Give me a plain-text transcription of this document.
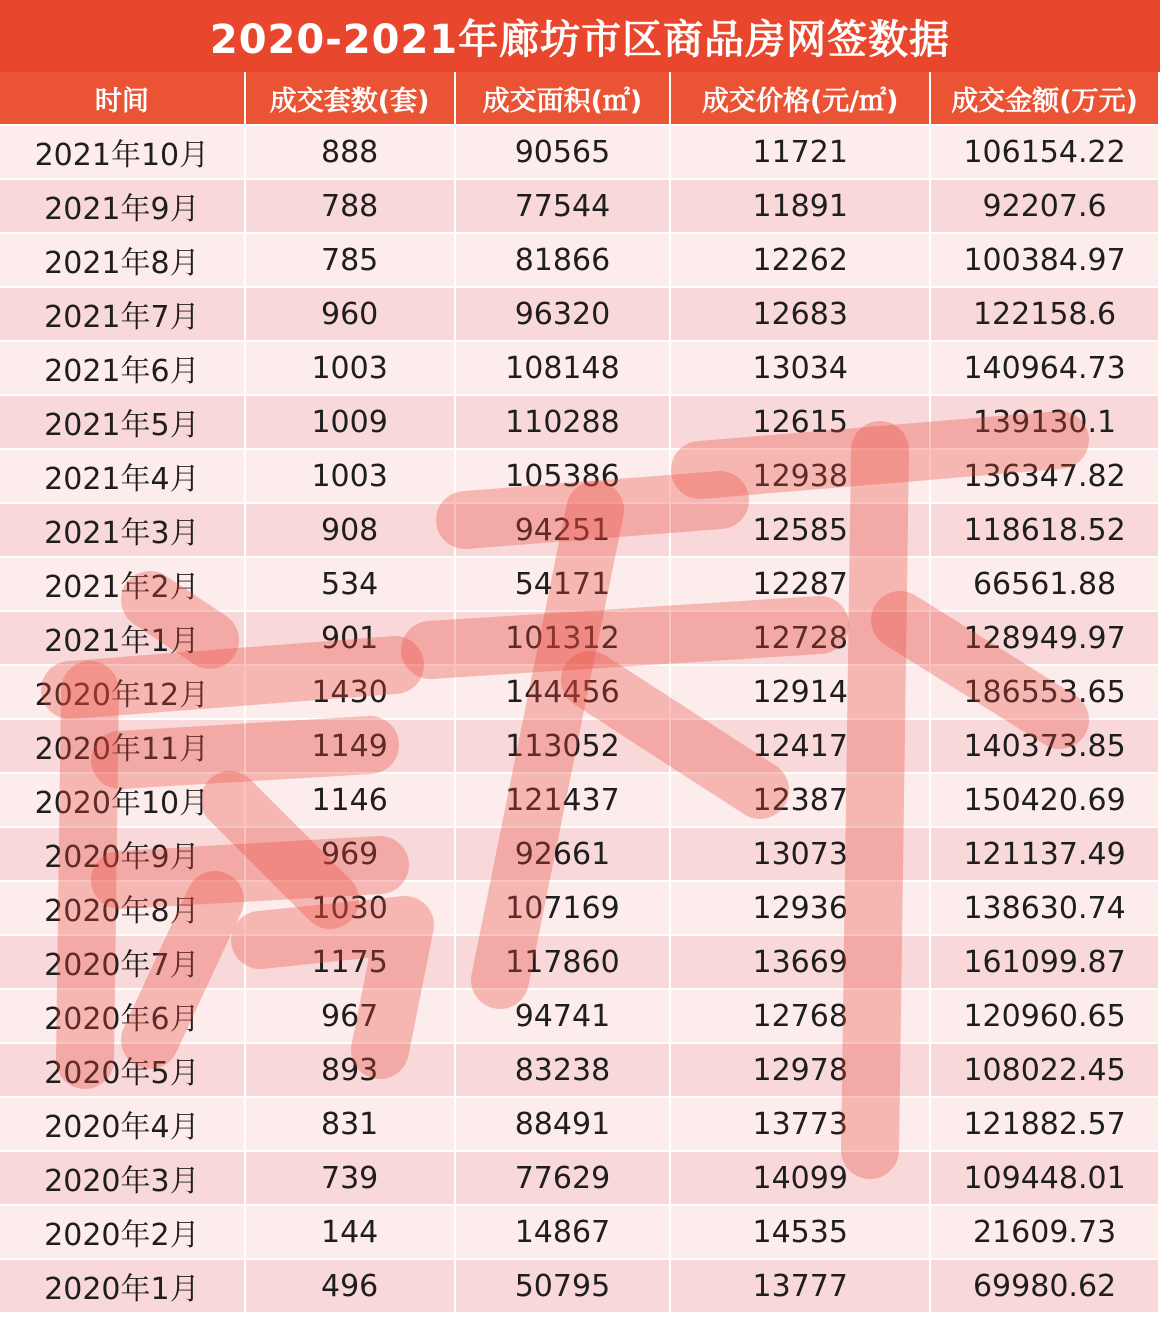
2020-2021年廊坊市区商品房网签数据
时间	成交套数(套)	成交面积(㎡)	成交价格(元/㎡)	成交金额(万元)
2021年10月	888	90565	11721	106154.22
2021年9月	788	77544	11891	92207.6
2021年8月	785	81866	12262	100384.97
2021年7月	960	96320	12683	122158.6
2021年6月	1003	108148	13034	140964.73
2021年5月	1009	110288	12615	139130.1
2021年4月	1003	105386	12938	136347.82
2021年3月	908	94251	12585	118618.52
2021年2月	534	54171	12287	66561.88
2021年1月	901	101312	12728	128949.97
2020年12月	1430	144456	12914	186553.65
2020年11月	1149	113052	12417	140373.85
2020年10月	1146	121437	12387	150420.69
2020年9月	969	92661	13073	121137.49
2020年8月	1030	107169	12936	138630.74
2020年7月	1175	117860	13669	161099.87
2020年6月	967	94741	12768	120960.65
2020年5月	893	83238	12978	108022.45
2020年4月	831	88491	13773	121882.57
2020年3月	739	77629	14099	109448.01
2020年2月	144	14867	14535	21609.73
2020年1月	496	50795	13777	69980.62
